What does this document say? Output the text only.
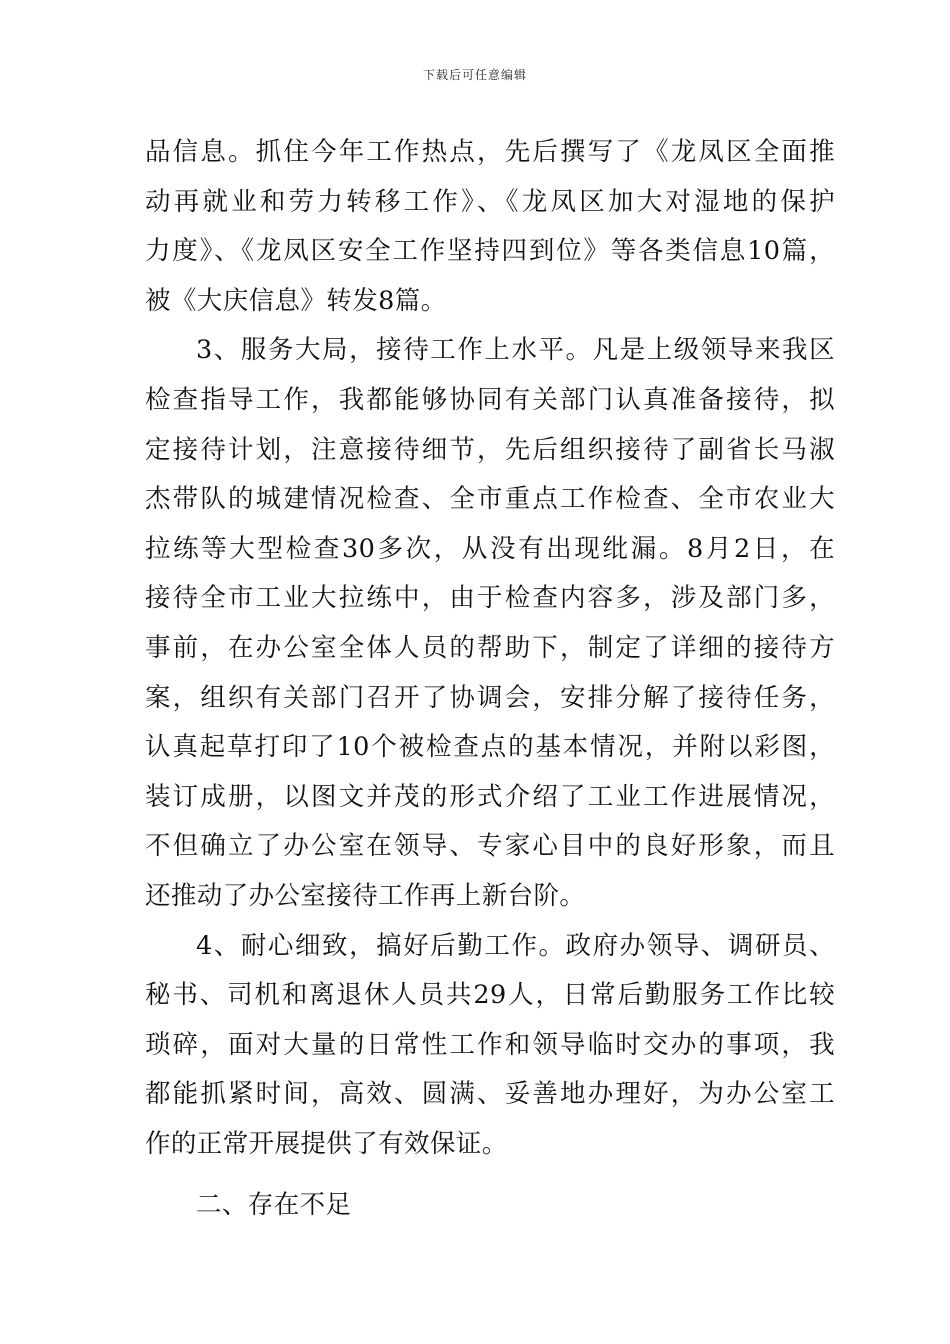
下载后可任意编辑
品信息。抓住今年工作热点，先后撰写了《龙凤区全面推
动再就业和劳力转移工作》、《龙凤区加大对湿地的保护
力度》、《龙凤区安全工作坚持四到位》等各类信息10篇，
被《大庆信息》转发8篇。
3、服务大局，接待工作上水平。凡是上级领导来我区
检查指导工作，我都能够协同有关部门认真准备接待，拟
定接待计划，注意接待细节，先后组织接待了副省长马淑
杰带队的城建情况检查、全市重点工作检查、全市农业大
拉练等大型检查30多次，从没有出现纰漏。8月2日，在
接待全市工业大拉练中，由于检查内容多，涉及部门多，
事前，在办公室全体人员的帮助下，制定了详细的接待方
案，组织有关部门召开了协调会，安排分解了接待任务，
认真起草打印了10个被检查点的基本情况，并附以彩图，
装订成册，以图文并茂的形式介绍了工业工作进展情况，
不但确立了办公室在领导、专家心目中的良好形象，而且
还推动了办公室接待工作再上新台阶。
4、耐心细致，搞好后勤工作。政府办领导、调研员、
秘书、司机和离退休人员共29人，日常后勤服务工作比较
琐碎，面对大量的日常性工作和领导临时交办的事项，我
都能抓紧时间，高效、圆满、妥善地办理好，为办公室工
作的正常开展提供了有效保证。
二、存在不足
